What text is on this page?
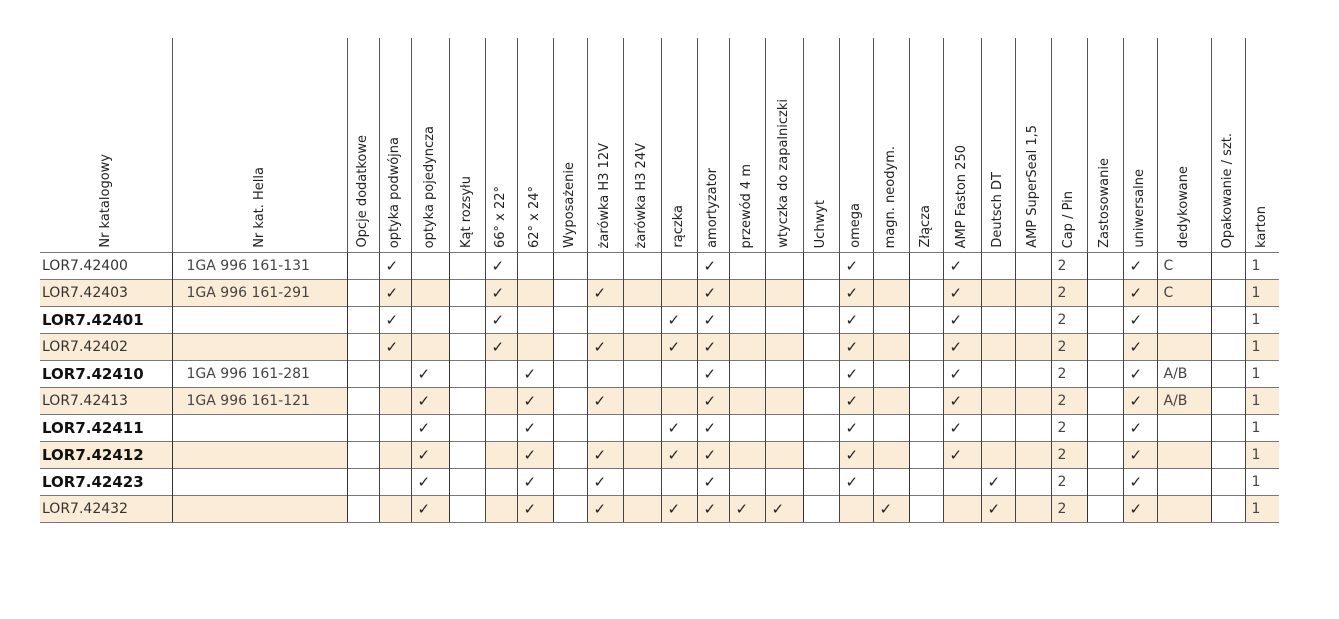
Nr katalogowy	Nr kat. Hella	Opcje dodatkowe	optyka podwójna	optyka pojedyncza	Kąt rozsyłu	66° x 22°	62° x 24°	Wyposażenie	żarówka H3 12V	żarówka H3 24V	rączka	amortyzator	przewód 4 m	wtyczka do zapalniczki	Uchwyt	omega	magn. neodym.	Złącza	AMP Faston 250	Deutsch DT	AMP SuperSeal 1,5	Cap / Pin	Zastosowanie	uniwersalne	dedykowane	Opakowanie / szt.	karton

LOR7.42400	1GA 996 161-131		✓			✓						✓				✓			✓			2		✓	C		1
LOR7.42403	1GA 996 161-291		✓			✓			✓			✓				✓			✓			2		✓	C		1
LOR7.42401			✓			✓					✓	✓				✓			✓			2		✓			1
LOR7.42402			✓			✓			✓		✓	✓				✓			✓			2		✓			1
LOR7.42410	1GA 996 161-281			✓			✓					✓				✓			✓			2		✓	A/B		1
LOR7.42413	1GA 996 161-121			✓			✓		✓			✓				✓			✓			2		✓	A/B		1
LOR7.42411				✓			✓				✓	✓				✓			✓			2		✓			1
LOR7.42412				✓			✓		✓		✓	✓				✓			✓			2		✓			1
LOR7.42423				✓			✓		✓			✓				✓				✓		2		✓			1
LOR7.42432				✓			✓		✓		✓	✓	✓	✓			✓			✓		2		✓			1
